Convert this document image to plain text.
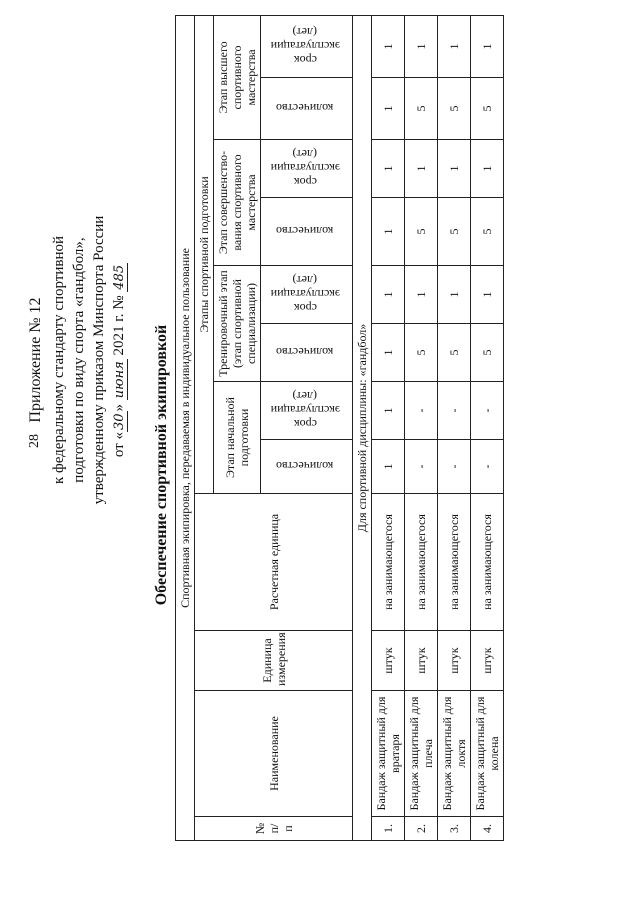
28
Приложение № 12 к федеральному стандарту спортивной подготовки по виду спорта «гандбол», утвержденному приказом Минспорта России от «30» июня 2021 г. № 485
Обеспечение спортивной экипировкой Спортивная экипировка, передаваемая в индивидуальное пользование											
№ п/п	Наименование	Единица измерения	Расчетная единица	Этапы спортивной подготовки							
				Этап начальной подготовки		Тренировочный этап (этап спортивной специализации)		Этап совершенство-вания спортивного мастерства		Этап высшего спортивного мастерства	
				количество	срок эксплуатации (лет)	количество	срок эксплуатации (лет)	количество	срок эксплуатации (лет)	количество	срок эксплуатации (лет)
Для спортивной дисциплины: «гандбол»											
1.	Бандаж защитный для вратаря	штук	на занимающегося	1	1	1	1	1	1	1	1
2.	Бандаж защитный для плеча	штук	на занимающегося	-	-	5	1	5	1	5	1
3.	Бандаж защитный для локтя	штук	на занимающегося	-	-	5	1	5	1	5	1
4.	Бандаж защитный для колена	штук	на занимающегося	-	-	5	1	5	1	5	1
